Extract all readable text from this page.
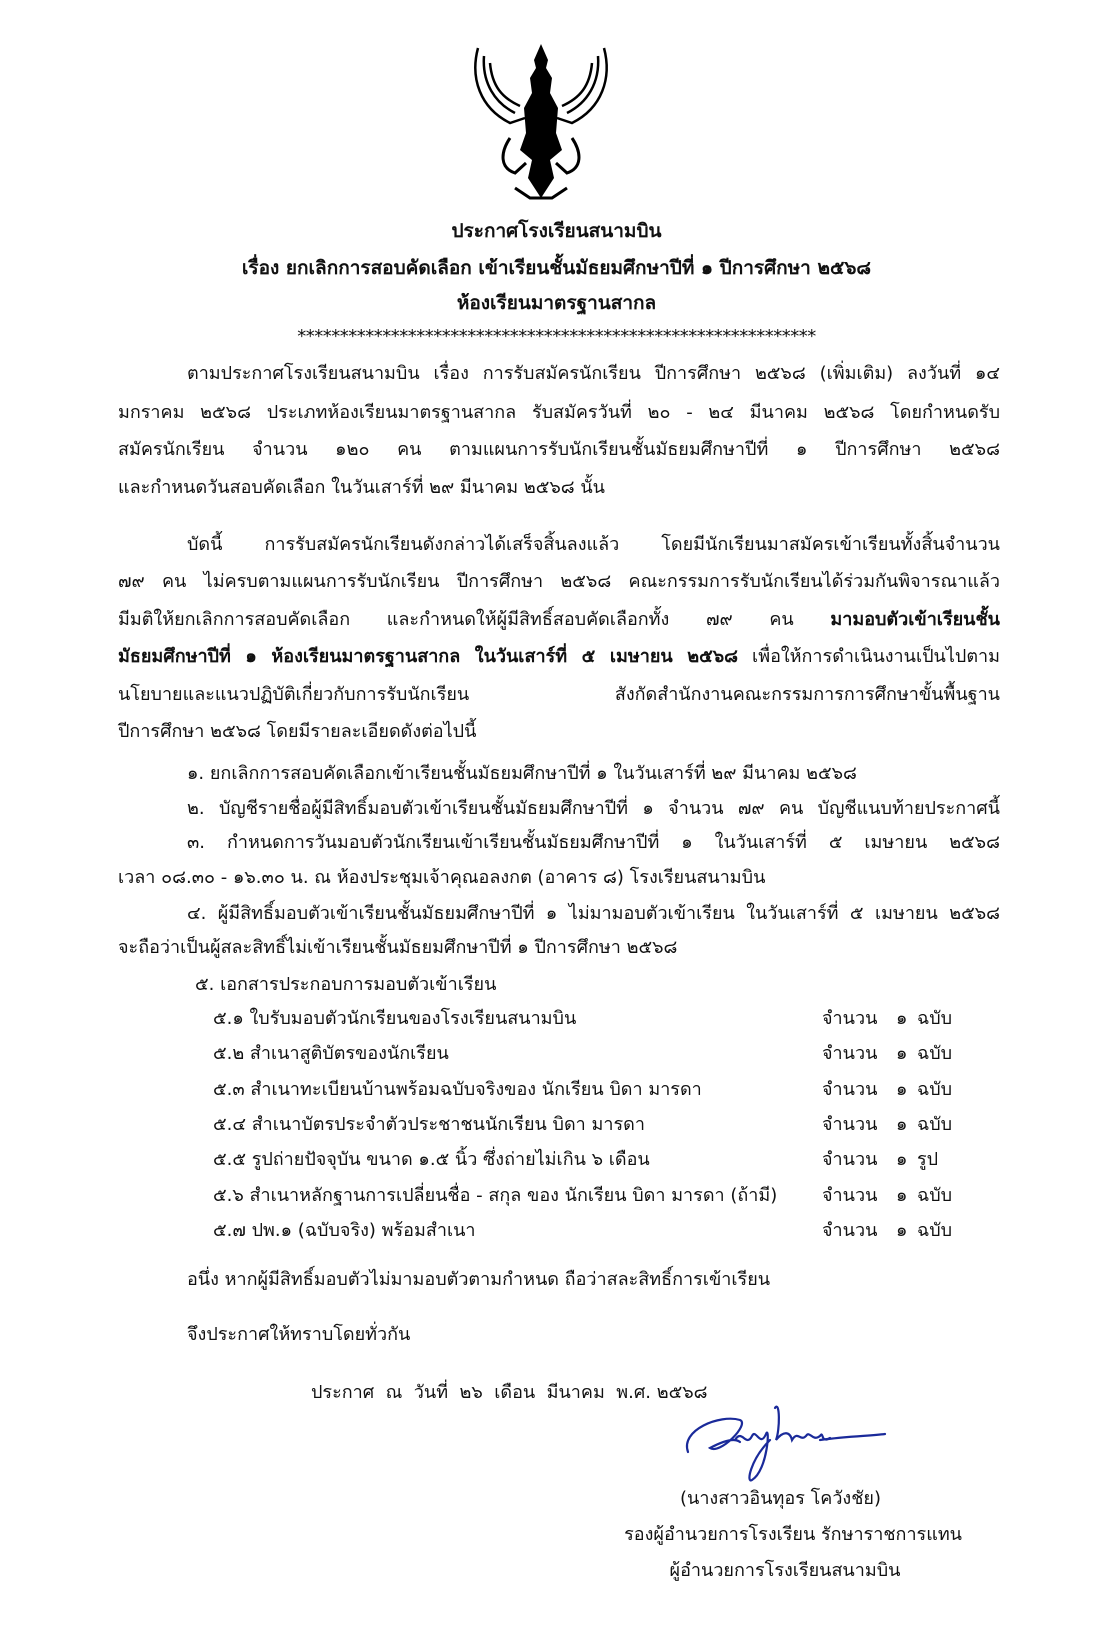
ประกาศโรงเรียนสนามบิน
เรื่อง ยกเลิกการสอบคัดเลือก เข้าเรียนชั้นมัธยมศึกษาปีที่ ๑ ปีการศึกษา ๒๕๖๘
ห้องเรียนมาตรฐานสากล
*************************************************************
ตามประกาศโรงเรียนสนามบิน เรื่อง การรับสมัครนักเรียน ปีการศึกษา ๒๕๖๘ (เพิ่มเติม) ลงวันที่ ๑๔
มกราคม ๒๕๖๘ ประเภทห้องเรียนมาตรฐานสากล รับสมัครวันที่ ๒๐ - ๒๔ มีนาคม ๒๕๖๘ โดยกำหนดรับ
สมัครนักเรียน จำนวน ๑๒๐ คน ตามแผนการรับนักเรียนชั้นมัธยมศึกษาปีที่ ๑ ปีการศึกษา ๒๕๖๘
และกำหนดวันสอบคัดเลือก ในวันเสาร์ที่ ๒๙ มีนาคม ๒๕๖๘ นั้น
บัดนี้ การรับสมัครนักเรียนดังกล่าวได้เสร็จสิ้นลงแล้ว โดยมีนักเรียนมาสมัครเข้าเรียนทั้งสิ้นจำนวน
๗๙ คน ไม่ครบตามแผนการรับนักเรียน ปีการศึกษา ๒๕๖๘ คณะกรรมการรับนักเรียนได้ร่วมกันพิจารณาแล้ว
มีมติให้ยกเลิกการสอบคัดเลือก และกำหนดให้ผู้มีสิทธิ์สอบคัดเลือกทั้ง ๗๙ คน มามอบตัวเข้าเรียนชั้น
มัธยมศึกษาปีที่ ๑ ห้องเรียนมาตรฐานสากล ในวันเสาร์ที่ ๕ เมษายน ๒๕๖๘ เพื่อให้การดำเนินงานเป็นไปตาม
นโยบายและแนวปฏิบัติเกี่ยวกับการรับนักเรียน สังกัดสำนักงานคณะกรรมการการศึกษาขั้นพื้นฐาน
ปีการศึกษา ๒๕๖๘ โดยมีรายละเอียดดังต่อไปนี้
๑. ยกเลิกการสอบคัดเลือกเข้าเรียนชั้นมัธยมศึกษาปีที่ ๑ ในวันเสาร์ที่ ๒๙ มีนาคม ๒๕๖๘
๒. บัญชีรายชื่อผู้มีสิทธิ์มอบตัวเข้าเรียนชั้นมัธยมศึกษาปีที่ ๑ จำนวน ๗๙ คน บัญชีแนบท้ายประกาศนี้
๓. กำหนดการวันมอบตัวนักเรียนเข้าเรียนชั้นมัธยมศึกษาปีที่ ๑ ในวันเสาร์ที่ ๕ เมษายน ๒๕๖๘
เวลา ๐๘.๓๐ - ๑๖.๓๐ น. ณ ห้องประชุมเจ้าคุณอลงกต (อาคาร ๘) โรงเรียนสนามบิน
๔. ผู้มีสิทธิ์มอบตัวเข้าเรียนชั้นมัธยมศึกษาปีที่ ๑ ไม่มามอบตัวเข้าเรียน ในวันเสาร์ที่ ๕ เมษายน ๒๕๖๘
จะถือว่าเป็นผู้สละสิทธิ์ไม่เข้าเรียนชั้นมัธยมศึกษาปีที่ ๑ ปีการศึกษา ๒๕๖๘
๕. เอกสารประกอบการมอบตัวเข้าเรียน
๕.๑ ใบรับมอบตัวนักเรียนของโรงเรียนสนามบิน	จำนวน ๑ ฉบับ
๕.๒ สำเนาสูติบัตรของนักเรียน	จำนวน ๑ ฉบับ
๕.๓ สำเนาทะเบียนบ้านพร้อมฉบับจริงของ นักเรียน บิดา มารดา	จำนวน ๑ ฉบับ
๕.๔ สำเนาบัตรประจำตัวประชาชนนักเรียน บิดา มารดา	จำนวน ๑ ฉบับ
๕.๕ รูปถ่ายปัจจุบัน ขนาด ๑.๕ นิ้ว ซึ่งถ่ายไม่เกิน ๖ เดือน	จำนวน ๑ รูป
๕.๖ สำเนาหลักฐานการเปลี่ยนชื่อ - สกุล ของ นักเรียน บิดา มารดา (ถ้ามี) จำนวน ๑ ฉบับ
๕.๗ ปพ.๑ (ฉบับจริง) พร้อมสำเนา	จำนวน ๑ ฉบับ
อนึ่ง หากผู้มีสิทธิ์มอบตัวไม่มามอบตัวตามกำหนด ถือว่าสละสิทธิ์การเข้าเรียน
จึงประกาศให้ทราบโดยทั่วกัน
ประกาศ  ณ  วันที่  ๒๖  เดือน  มีนาคม  พ.ศ. ๒๕๖๘
(นางสาวอินทุอร โควังชัย)
รองผู้อำนวยการโรงเรียน รักษาราชการแทน
ผู้อำนวยการโรงเรียนสนามบิน
